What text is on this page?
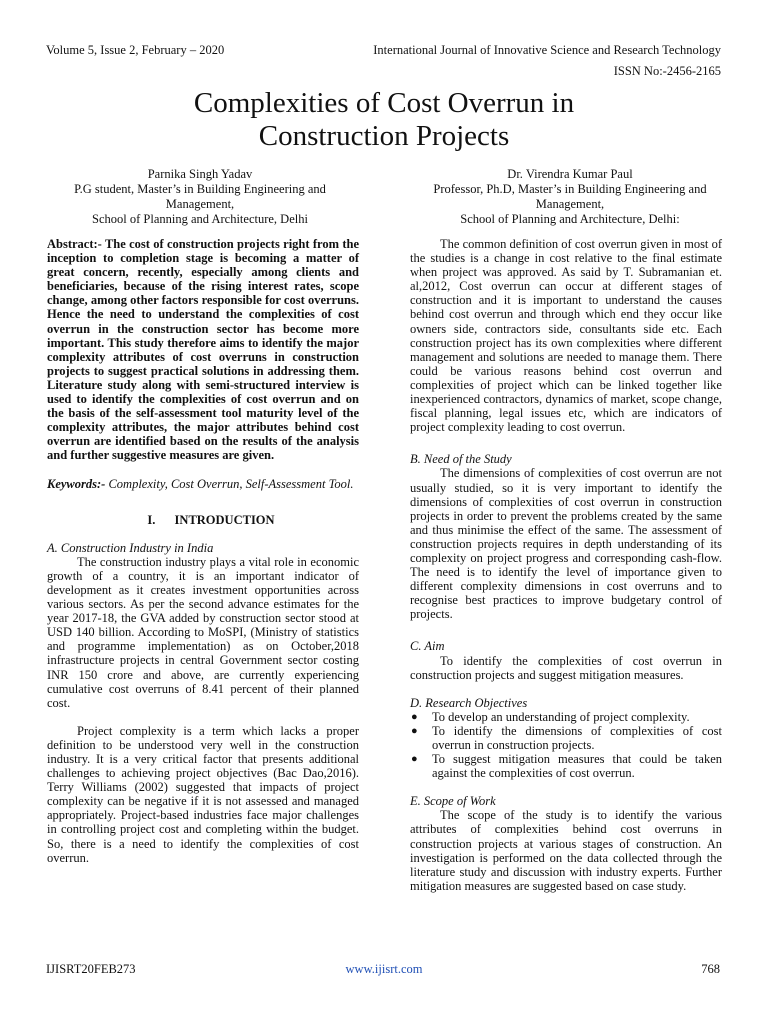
Volume 5, Issue 2, February – 2020	International Journal of Innovative Science and Research Technology
ISSN No:-2456-2165
Complexities of Cost Overrun in
Construction Projects
Parnika Singh Yadav
P.G student, Master’s in Building Engineering and Management,
School of Planning and Architecture, Delhi
Dr. Virendra Kumar Paul
Professor, Ph.D, Master’s in Building Engineering and Management,
School of Planning and Architecture, Delhi:

Abstract:- The cost of construction projects right from the inception to completion stage is becoming a matter of great concern, recently, especially among clients and beneficiaries, because of the rising interest rates, scope change, among other factors responsible for cost overruns. Hence the need to understand the complexities of cost overrun in the construction sector has become more important. This study therefore aims to identify the major complexity attributes of cost overruns in construction projects to suggest practical solutions in addressing them. Literature study along with semi-structured interview is used to identify the complexities of cost overrun and on the basis of the self-assessment tool maturity level of the complexity attributes, the major attributes behind cost overrun are identified based on the results of the analysis and further suggestive measures are given.

Keywords:- Complexity, Cost Overrun, Self-Assessment Tool.

I. INTRODUCTION
A. Construction Industry in India

The construction industry plays a vital role in economic growth of a country, it is an important indicator of development as it creates investment opportunities across various sectors. As per the second advance estimates for the year 2017-18, the GVA added by construction sector stood at USD 140 billion. According to MoSPI, (Ministry of statistics and programme implementation) as on October,2018 infrastructure projects in central Government sector costing INR 150 crore and above, are currently experiencing cumulative cost overruns of 8.41 percent of their planned cost.

Project complexity is a term which lacks a proper definition to be understood very well in the construction industry. It is a very critical factor that presents additional challenges to achieving project objectives (Bac Dao,2016). Terry Williams (2002) suggested that impacts of project complexity can be negative if it is not assessed and managed appropriately. Project-based industries face major challenges in controlling project cost and completing within the budget. So, there is a need to identify the complexities of cost overrun.

The common definition of cost overrun given in most of the studies is a change in cost relative to the final estimate when project was approved. As said by T. Subramanian et. al,2012, Cost overrun can occur at different stages of construction and it is important to understand the causes behind cost overrun and through which end they occur like owners side, contractors side, consultants side etc. Each construction project has its own complexities where different management and solutions are needed to manage them. There could be various reasons behind cost overrun and complexities of project which can be linked together like inexperienced contractors, dynamics of market, scope change, fiscal planning, legal issues etc, which are indicators of project complexity leading to cost overrun.

B. Need of the Study

The dimensions of complexities of cost overrun are not usually studied, so it is very important to identify the dimensions of complexities of cost overrun in construction projects in order to prevent the problems created by the same and thus minimise the effect of the same. The assessment of construction projects requires in depth understanding of its complexity on project progress and corresponding cash-flow. The need is to identify the level of importance given to different complexity dimensions in cost overruns and to recognise best practices to improve budgetary control of projects.

C. Aim

To identify the complexities of cost overrun in construction projects and suggest mitigation measures.

D. Research Objectives
● To develop an understanding of project complexity.
● To identify the dimensions of complexities of cost overrun in construction projects.
● To suggest mitigation measures that could be taken against the complexities of cost overrun.
E. Scope of Work

The scope of the study is to identify the various attributes of complexities behind cost overruns in construction projects at various stages of construction. An investigation is performed on the data collected through the literature study and discussion with industry experts. Further mitigation measures are suggested based on case study.

IJISRT20FEB273	www.ijisrt.com	768
